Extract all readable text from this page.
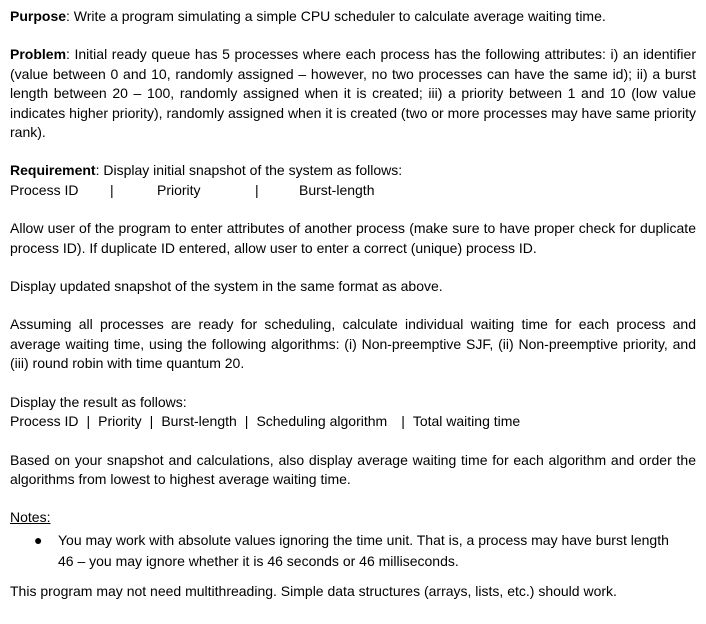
Purpose: Write a program simulating a simple CPU scheduler to calculate average waiting time.

Problem: Initial ready queue has 5 processes where each process has the following attributes: i) an identifier (value between 0 and 10, randomly assigned – however, no two processes can have the same id); ii) a burst length between 20 – 100, randomly assigned when it is created; iii) a priority between 1 and 10 (low value indicates higher priority), randomly assigned when it is created (two or more processes may have same priority rank).

Requirement: Display initial snapshot of the system as follows:

Process ID	|	Priority	|	Burst-length

Allow user of the program to enter attributes of another process (make sure to have proper check for duplicate process ID). If duplicate ID entered, allow user to enter a correct (unique) process ID.

Display updated snapshot of the system in the same format as above.

Assuming all processes are ready for scheduling, calculate individual waiting time for each process and average waiting time, using the following algorithms: (i) Non-preemptive SJF, (ii) Non-preemptive priority, and (iii) round robin with time quantum 20.

Display the result as follows:

Process ID | Priority | Burst-length | Scheduling algorithm	| Total waiting time

Based on your snapshot and calculations, also display average waiting time for each algorithm and order the algorithms from lowest to highest average waiting time.

Notes:

● You may work with absolute values ignoring the time unit. That is, a process may have burst length 46 – you may ignore whether it is 46 seconds or 46 milliseconds.

This program may not need multithreading. Simple data structures (arrays, lists, etc.) should work.
